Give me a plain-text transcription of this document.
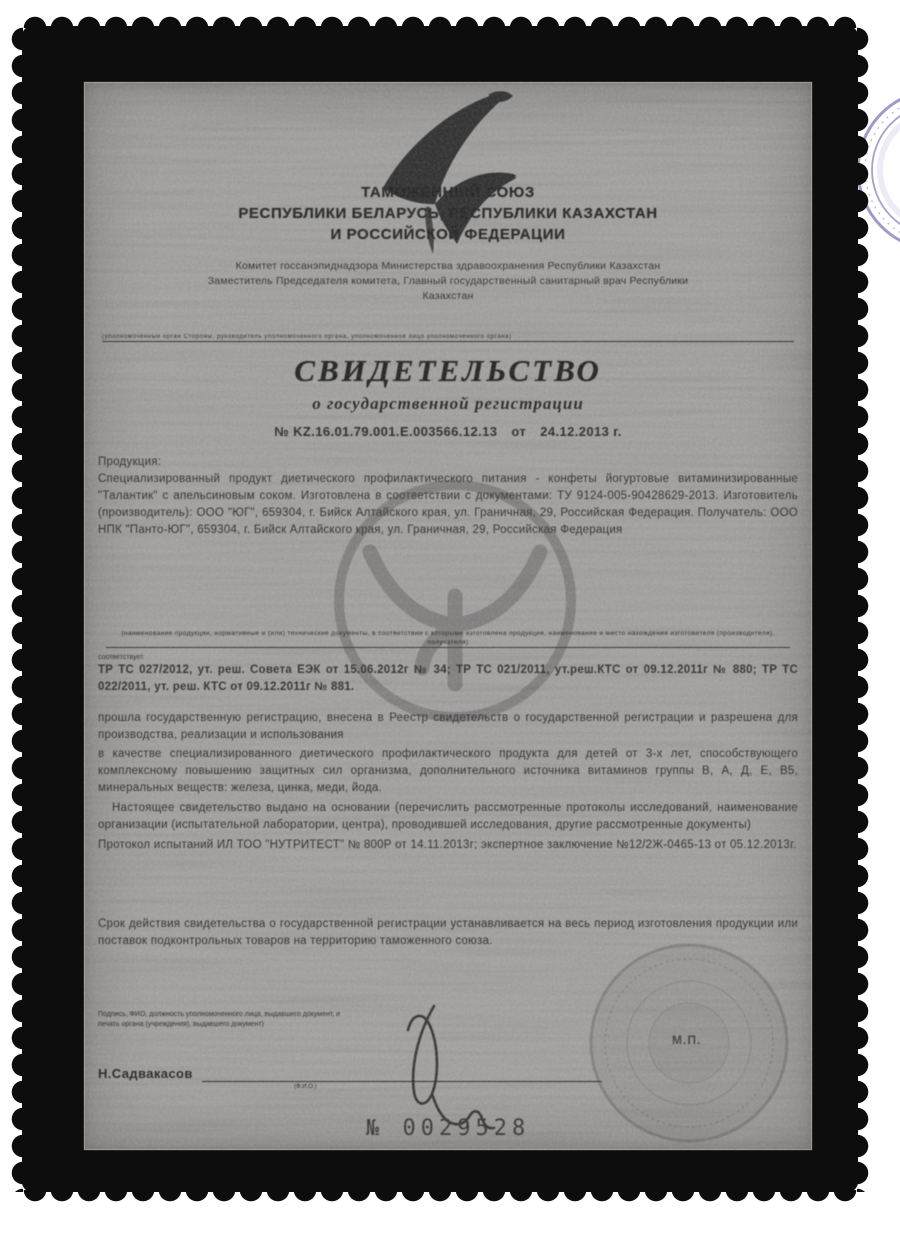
ТАМОЖЕННЫЙ СОЮЗ
РЕСПУБЛИКИ БЕЛАРУСЬ, РЕСПУБЛИКИ КАЗАХСТАН
И РОССИЙСКОЙ ФЕДЕРАЦИИ
Комитет госсанэпиднадзора Министерства здравоохранения Республики Казахстан
Заместитель Председателя комитета, Главный государственный санитарный врач Республики
Казахстан
(уполномоченный орган Стороны, руководитель уполномоченного органа, уполномоченное лицо уполномоченного органа)
СВИДЕТЕЛЬСТВО
о государственной регистрации
№ KZ.16.01.79.001.Е.003566.12.13 от 24.12.2013 г.
Продукция:
Специализированный продукт диетического профилактического питания - конфеты йогуртовые витаминизированные "Талантик" с апельсиновым соком. Изготовлена в соответствии с документами: ТУ 9124-005-90428629-2013. Изготовитель (производитель): ООО "ЮГ", 659304, г. Бийск Алтайского края, ул. Граничная, 29, Российская Федерация. Получатель: ООО НПК "Панто-ЮГ", 659304, г. Бийск Алтайского края, ул. Граничная, 29, Российская Федерация
(наименование продукции, нормативные и (или) технические документы, в соответствии с которыми изготовлена продукция, наименование и место нахождения изготовителя (производителя), получателя)
соответствует
ТР ТС 027/2012, ут. реш. Совета ЕЭК от 15.06.2012г № 34; ТР ТС 021/2011, ут.реш.КТС от 09.12.2011г № 880; ТР ТС 022/2011, ут. реш. КТС от 09.12.2011г № 881.
прошла государственную регистрацию, внесена в Реестр свидетельств о государственной регистрации и разрешена для производства, реализации и использования
в качестве специализированного диетического профилактического продукта для детей от 3-х лет, способствующего комплексному повышению защитных сил организма, дополнительного источника витаминов группы В, А, Д, Е, В5, минеральных веществ: железа, цинка, меди, йода.
Настоящее свидетельство выдано на основании (перечислить рассмотренные протоколы исследований, наименование организации (испытательной лаборатории, центра), проводившей исследования, другие рассмотренные документы)
Протокол испытаний ИЛ ТОО "НУТРИТЕСТ" № 800Р от 14.11.2013г; экспертное заключение №12/2Ж-0465-13 от 05.12.2013г.
Срок действия свидетельства о государственной регистрации устанавливается на весь период изготовления продукции или поставок подконтрольных товаров на территорию таможенного союза.
Подпись, ФИО, должность уполномоченного лица, выдавшего документ, и печать органа (учреждения), выдавшего документ)
Н.Садвакасов
(Ф.И.О.)
М.П.
№ 0029528
